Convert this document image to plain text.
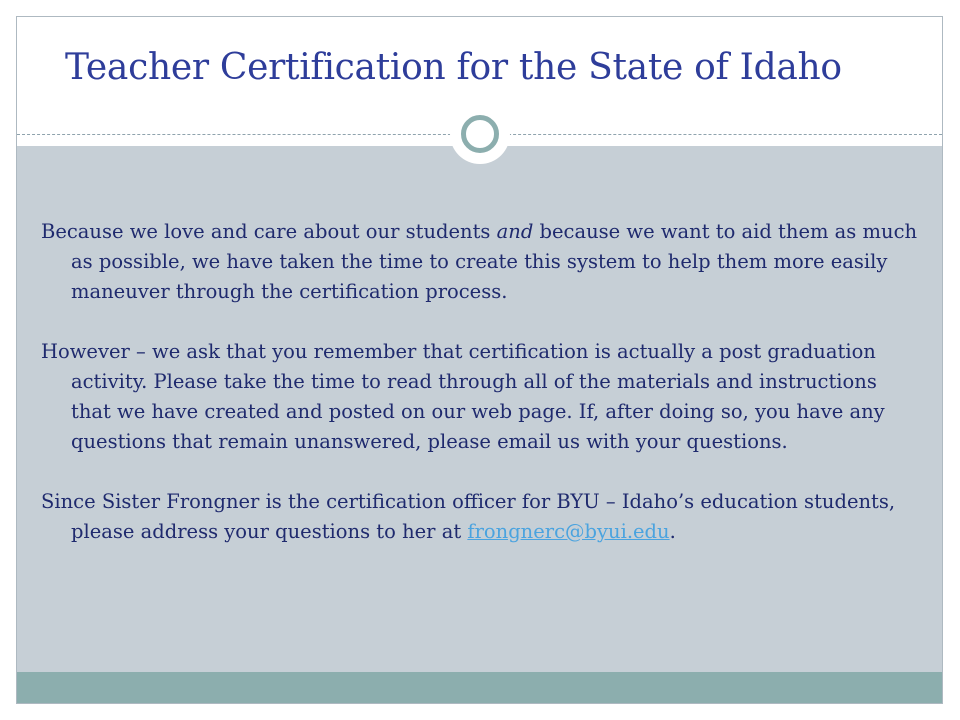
Teacher Certification for the State of Idaho

Because we love and care about our students and because we want to aid them as much as possible, we have taken the time to create this system to help them more easily maneuver through the certification process.

However – we ask that you remember that certification is actually a post graduation activity. Please take the time to read through all of the materials and instructions that we have created and posted on our web page. If, after doing so, you have any questions that remain unanswered, please email us with your questions.

Since Sister Frongner is the certification officer for BYU – Idaho’s education students, please address your questions to her at frongnerc@byui.edu.
